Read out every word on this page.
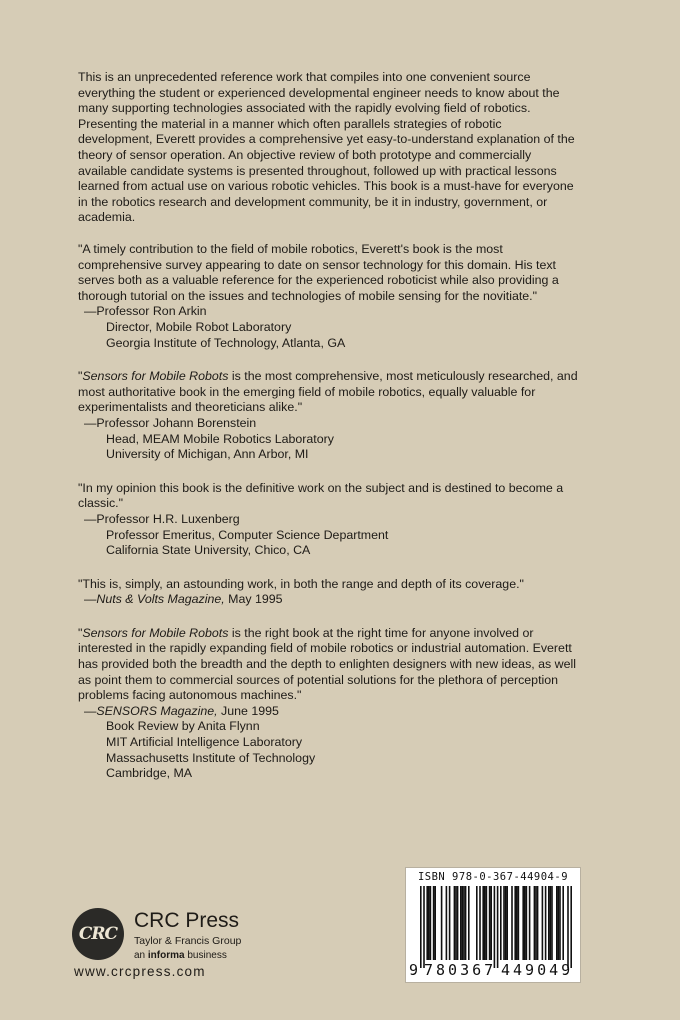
This is an unprecedented reference work that compiles into one convenient source everything the student or experienced developmental engineer needs to know about the many supporting technologies associated with the rapidly evolving field of robotics. Presenting the material in a manner which often parallels strategies of robotic development, Everett provides a comprehensive yet easy-to-understand explanation of the theory of sensor operation. An objective review of both prototype and commercially available candidate systems is presented throughout, followed up with practical lessons learned from actual use on various robotic vehicles. This book is a must-have for everyone in the robotics research and development community, be it in industry, government, or academia.

"A timely contribution to the field of mobile robotics, Everett's book is the most comprehensive survey appearing to date on sensor technology for this domain. His text serves both as a valuable reference for the experienced roboticist while also providing a thorough tutorial on the issues and technologies of mobile sensing for the novitiate."

—Professor Ron Arkin
Director, Mobile Robot Laboratory
Georgia Institute of Technology, Atlanta, GA

"Sensors for Mobile Robots is the most comprehensive, most meticulously researched, and most authoritative book in the emerging field of mobile robotics, equally valuable for experimentalists and theoreticians alike."

—Professor Johann Borenstein
Head, MEAM Mobile Robotics Laboratory
University of Michigan, Ann Arbor, MI

"In my opinion this book is the definitive work on the subject and is destined to become a classic."

—Professor H.R. Luxenberg
Professor Emeritus, Computer Science Department
California State University, Chico, CA

"This is, simply, an astounding work, in both the range and depth of its coverage."

—Nuts & Volts Magazine, May 1995

"Sensors for Mobile Robots is the right book at the right time for anyone involved or interested in the rapidly expanding field of mobile robotics or industrial automation. Everett has provided both the breadth and the depth to enlighten designers with new ideas, as well as point them to commercial sources of potential solutions for the plethora of perception problems facing autonomous machines."

—SENSORS Magazine, June 1995
Book Review by Anita Flynn
MIT Artificial Intelligence Laboratory
Massachusetts Institute of Technology
Cambridge, MA
CRC
CRC Press
Taylor & Francis Group
an informa business
www.crcpress.com
ISBN 978-0-367-44904-9
9 780367 449049
